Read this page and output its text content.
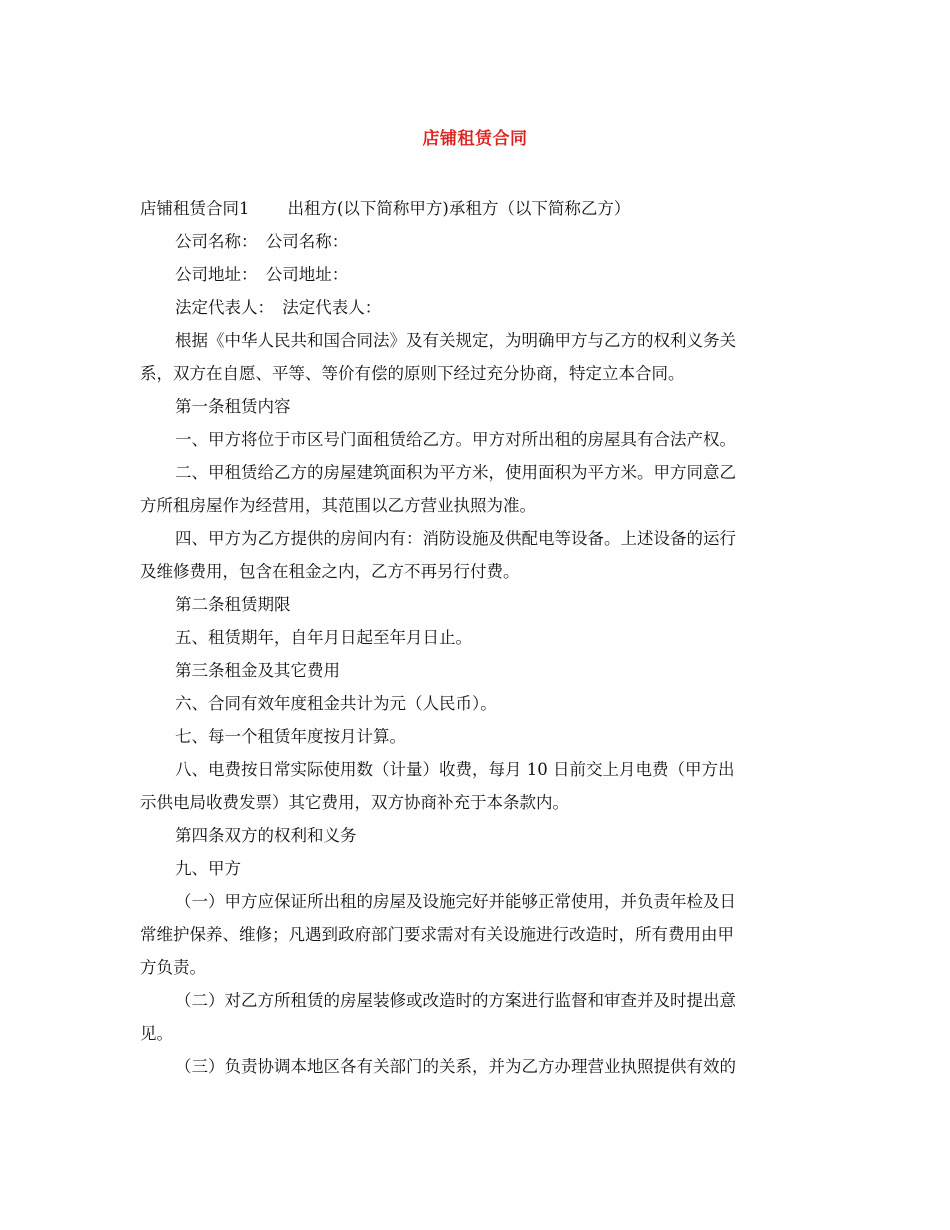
店铺租赁合同
店铺租赁合同1 出租方(以下简称甲方)承租方（以下简称乙方）
公司名称：　公司名称：
公司地址：　公司地址：
法定代表人：　法定代表人：
根据《中华人民共和国合同法》及有关规定，为明确甲方与乙方的权利义务关
系，双方在自愿、平等、等价有偿的原则下经过充分协商，特定立本合同。
第一条租赁内容
一、甲方将位于市区号门面租赁给乙方。甲方对所出租的房屋具有合法产权。
二、甲租赁给乙方的房屋建筑面积为平方米，使用面积为平方米。甲方同意乙
方所租房屋作为经营用，其范围以乙方营业执照为准。
四、甲方为乙方提供的房间内有：消防设施及供配电等设备。上述设备的运行
及维修费用，包含在租金之内，乙方不再另行付费。
第二条租赁期限
五、租赁期年，自年月日起至年月日止。
第三条租金及其它费用
六、合同有效年度租金共计为元（人民币）。
七、每一个租赁年度按月计算。
八、电费按日常实际使用数（计量）收费，每月 10 日前交上月电费（甲方出
示供电局收费发票）其它费用，双方协商补充于本条款内。
第四条双方的权利和义务
九、甲方
（一）甲方应保证所出租的房屋及设施完好并能够正常使用，并负责年检及日
常维护保养、维修；凡遇到政府部门要求需对有关设施进行改造时，所有费用由甲
方负责。
（二）对乙方所租赁的房屋装修或改造时的方案进行监督和审查并及时提出意
见。
（三）负责协调本地区各有关部门的关系，并为乙方办理营业执照提供有效的
